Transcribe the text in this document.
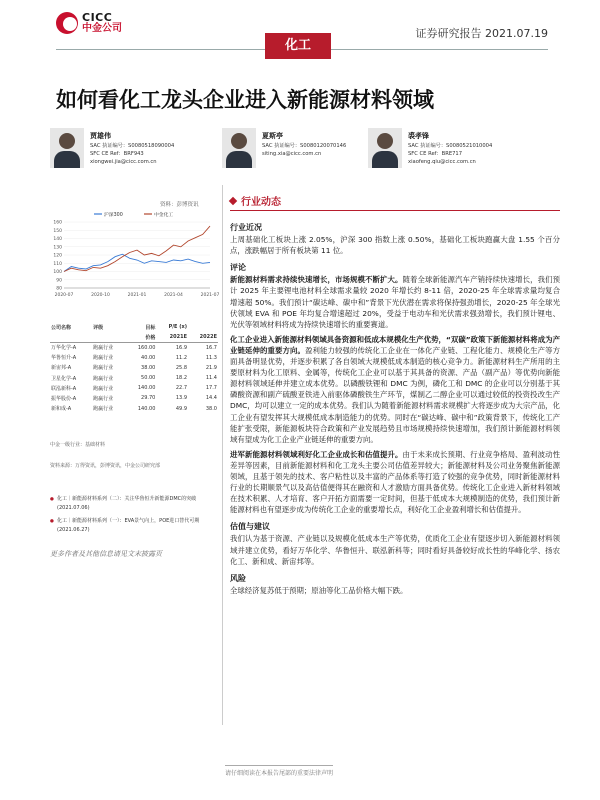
CICC
中金公司	证券研究报告 2021.07.19
化工
如何看化工龙头企业进入新能源材料领域
贾雄伟
SAC 执证编号：S0080518090004
SFC CE Ref：BRF943
xiongwei.jia@cicc.com.cn
夏斯亭
SAC 执证编号：S0080120070146
siting.xia@cicc.com.cn
裘孝锋
SAC 执证编号：S0080521010004
SFC CE Ref：BRE717
xiaofeng.qiu@cicc.com.cn
资料：彭博资讯
80
90
100
110
120
130
140
150
160
2020-07	2020-10	2021-01	2021-04	2021-07
沪深300	中金化工
公司名称	评级	目标	P/E (x)	
		价格	2021E	2022E
万华化学-A	跑赢行业	160.00	16.9	16.7
华鲁恒升-A	跑赢行业	40.00	11.2	11.3
新宙邦-A	跑赢行业	38.00	25.8	21.9
卫星化学-A	跑赢行业	50.00	18.2	11.4
联泓新科-A	跑赢行业	140.00	22.7	17.7
振华股份-A	跑赢行业	29.70	13.9	14.4
新和成-A	跑赢行业	140.00	49.9	38.0
中金一级行业：基础材料
资料来源：万得资讯，彭博资讯，中金公司研究部
● 化工｜新能源材料系列（二）：关注华鲁恒升新能源DMC的突破 (2021.07.06)
● 化工｜新能源材料系列（一）：EVA景气向上，POE进口替代可期 (2021.06.27)
更多作者及其他信息请见文末披露页
行业动态
行业近况

上周基础化工板块上涨 2.05%，沪深 300 指数上涨 0.50%，基础化工板块跑赢大盘 1.55 个百分点，涨跌幅居于所有板块第 11 位。

评论

新能源材料需求持续快速增长，市场规模不断扩大。随着全球新能源汽车产销持续快速增长，我们预计 2025 年主要锂电池材料全球需求量较 2020 年增长约 8-11 倍，2020-25 年全球需求量均复合增速超 50%。我们预计“碳达峰、碳中和”背景下光伏潜在需求将保持强劲增长，2020-25 年全球光伏领域 EVA 和 POE 年均复合增速超过 20%，受益于电动车和光伏需求强劲增长，我们预计锂电、光伏等领域材料将成为持续快速增长的重要赛道。

化工企业进入新能源材料领域具备资源和低成本规模化生产优势，“双碳”政策下新能源材料将成为产业链延伸的重要方向。盈利能力较强的传统化工企业在一体化产业链、工程化能力、规模化生产等方面具备明显优势，并逐步积累了各自领域大规模低成本制造的核心竞争力。新能源材料生产所用的主要原材料为化工原料、金属等，传统化工企业可以基于其具备的资源、产品（副产品）等优势向新能源材料领域延伸并建立成本优势。以磷酸铁锂和 DMC 为例，磷化工和 DMC 的企业可以分别基于其磷酸资源和副产硫酸亚铁进入前驱体磷酸铁生产环节，煤制乙二醇企业可以通过较低的投资投改生产 DMC，均可以建立一定的成本优势。我们认为随着新能源材料需求规模扩大将逐步成为大宗产品，化工企业有望发挥其大规模低成本制造能力的优势。同时在“碳达峰、碳中和”政策背景下，传统化工产能扩张受限，新能源板块符合政策和产业发展趋势且市场规模持续快速增加，我们预计新能源材料领域有望成为化工企业产业链延伸的重要方向。

进军新能源材料领域利好化工企业成长和估值提升。由于未来成长预期、行业竞争格局、盈利波动性差异等因素，目前新能源材料和化工龙头主要公司估值差异较大；新能源材料及公司业务聚焦新能源领域，且基于领先的技术、客户粘性以及丰富的产品体系等打造了较强的竞争优势，同时新能源材料行业的长期顺景气以及高估值便得其在融资和人才激励方面具备优势。传统化工企业进入新材料领域在技术积累、人才培育、客户开拓方面需要一定时间，但基于低成本大规模制造的优势，我们预计新能源材料也有望逐步成为传统化工企业的重要增长点，利好化工企业盈利增长和估值提升。

估值与建议

我们认为基于资源、产业链以及规模化低成本生产等优势，优质化工企业有望逐步切入新能源材料领域并建立优势，看好万华化学、华鲁恒升、联泓新科等；同时看好具备较好成长性的华峰化学、扬农化工、新和成、新宙邦等。

风险

全球经济复苏低于预期；原油等化工品价格大幅下跌。

请仔细阅读在本报告尾部的重要法律声明
